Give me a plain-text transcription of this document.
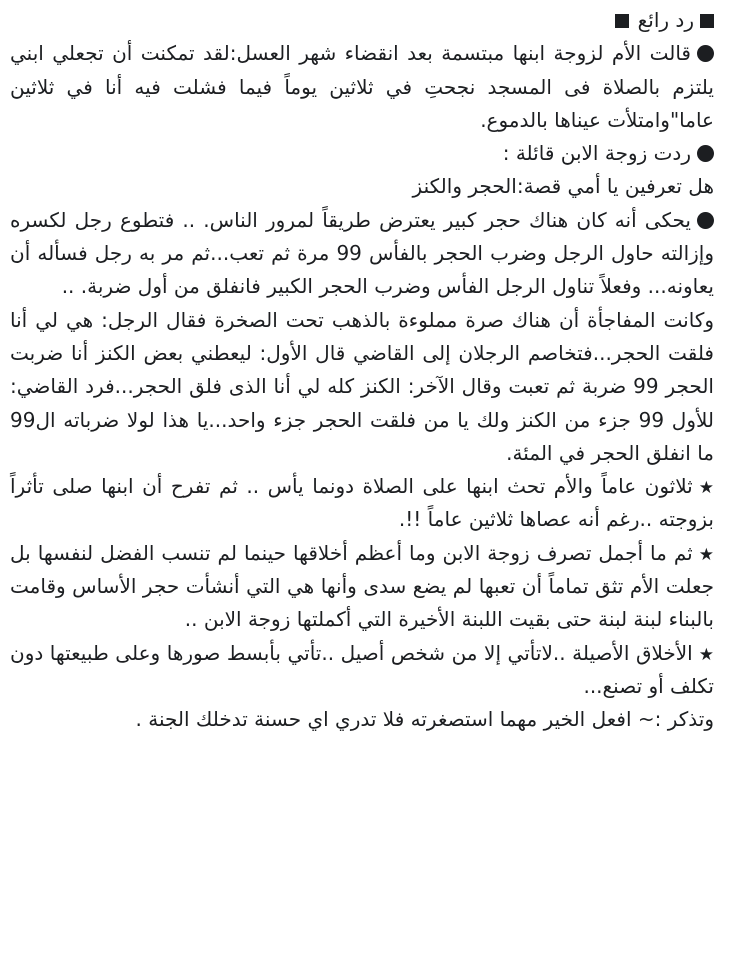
رد رائع

قالت الأم لزوجة ابنها مبتسمة بعد انقضاء شهر العسل:لقد تمكنت أن تجعلي ابني يلتزم بالصلاة فى المسجد نجحتِ في ثلاثين يوماً فيما فشلت فيه أنا في ثلاثين عاما"وامتلأت عيناها بالدموع.

ردت زوجة الابن قائلة :

هل تعرفين يا أمي قصة:الحجر والكنز

يحكى أنه كان هناك حجر كبير يعترض طريقاً لمرور الناس. .. فتطوع رجل لكسره وإزالته حاول الرجل وضرب الحجر بالفأس 99 مرة ثم تعب...ثم مر به رجل فسأله أن يعاونه... وفعلاً تناول الرجل الفأس وضرب الحجر الكبير فانفلق من أول ضربة. ..

وكانت المفاجأة أن هناك صرة مملوءة بالذهب تحت الصخرة فقال الرجل: هي لي أنا فلقت الحجر...فتخاصم الرجلان إلى القاضي قال الأول: ليعطني بعض الكنز أنا ضربت الحجر 99 ضربة ثم تعبت وقال الآخر: الكنز كله لي أنا الذى فلق الحجر...فرد القاضي: للأول 99 جزء من الكنز ولك يا من فلقت الحجر جزء واحد...يا هذا لولا ضرباته ال99 ما انفلق الحجر في المئة.

★ثلاثون عاماً والأم تحث ابنها على الصلاة دونما يأس .. ثم تفرح أن ابنها صلى تأثراً بزوجته ..رغم أنه عصاها ثلاثين عاماً !!.

★ثم ما أجمل تصرف زوجة الابن وما أعظم أخلاقها حينما لم تنسب الفضل لنفسها بل جعلت الأم تثق تماماً أن تعبها لم يضع سدى وأنها هي التي أنشأت حجر الأساس وقامت بالبناء لبنة لبنة حتى بقيت اللبنة الأخيرة التي أكملتها زوجة الابن ..

★الأخلاق الأصيلة ..لاتأتي إلا من شخص أصيل ..تأتي بأبسط صورها وعلى طبيعتها دون تكلف أو تصنع...

وتذكر :~ افعل الخير مهما استصغرته فلا تدري اي حسنة تدخلك الجنة .
